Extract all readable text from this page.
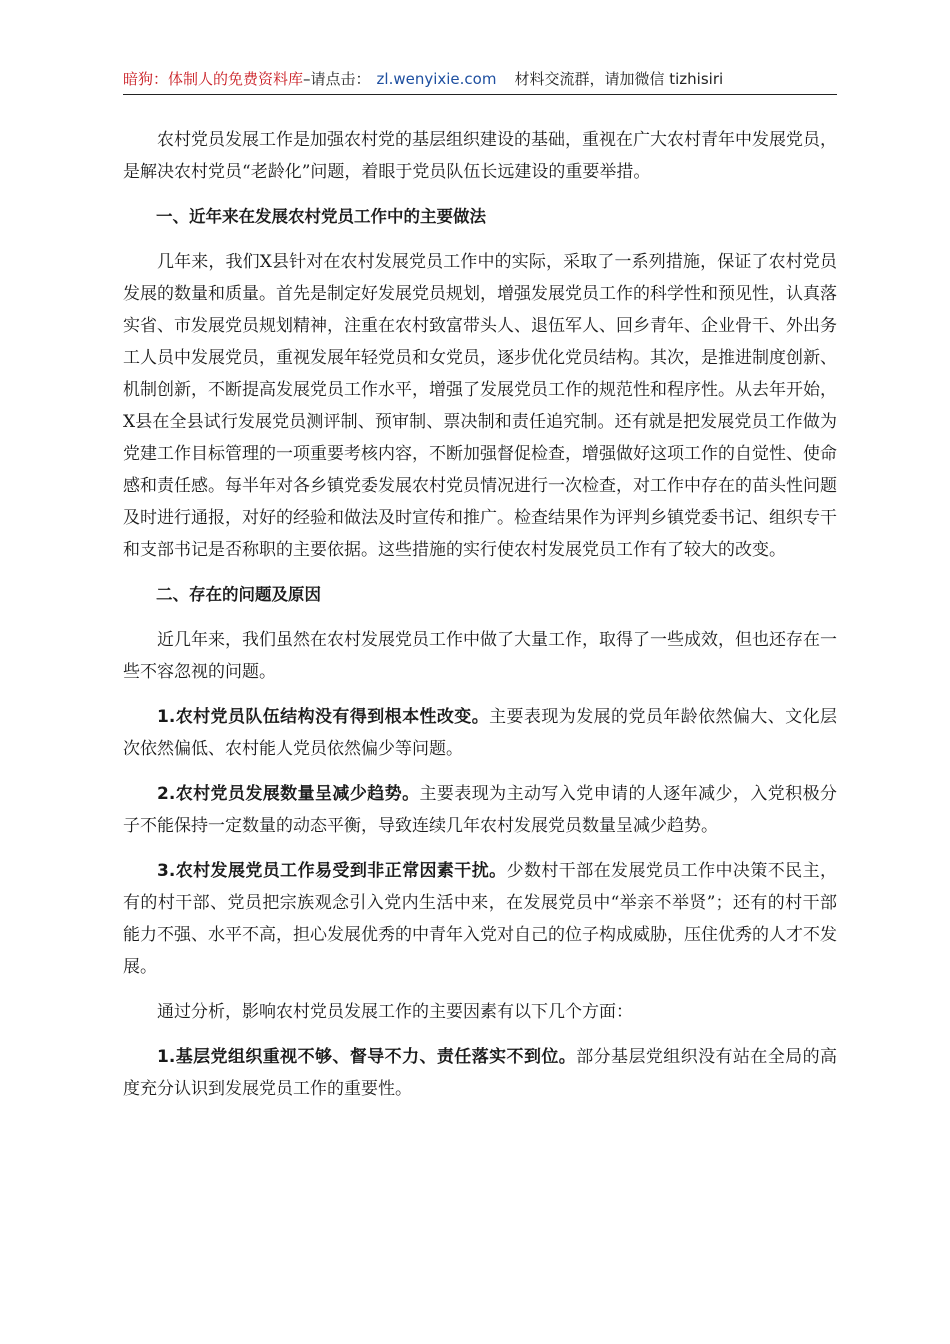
暗狗：体制人的免费资料库–请点击： zl.wenyixie.com 材料交流群，请加微信 tizhisiri

农村党员发展工作是加强农村党的基层组织建设的基础，重视在广大农村青年中发展党员，是解决农村党员“老龄化”问题，着眼于党员队伍长远建设的重要举措。

一、近年来在发展农村党员工作中的主要做法

几年来，我们X县针对在农村发展党员工作中的实际，采取了一系列措施，保证了农村党员发展的数量和质量。首先是制定好发展党员规划，增强发展党员工作的科学性和预见性，认真落实省、市发展党员规划精神，注重在农村致富带头人、退伍军人、回乡青年、企业骨干、外出务工人员中发展党员，重视发展年轻党员和女党员，逐步优化党员结构。其次，是推进制度创新、机制创新，不断提高发展党员工作水平，增强了发展党员工作的规范性和程序性。从去年开始，X县在全县试行发展党员测评制、预审制、票决制和责任追究制。还有就是把发展党员工作做为党建工作目标管理的一项重要考核内容，不断加强督促检查，增强做好这项工作的自觉性、使命感和责任感。每半年对各乡镇党委发展农村党员情况进行一次检查，对工作中存在的苗头性问题及时进行通报，对好的经验和做法及时宣传和推广。检查结果作为评判乡镇党委书记、组织专干和支部书记是否称职的主要依据。这些措施的实行使农村发展党员工作有了较大的改变。

二、存在的问题及原因

近几年来，我们虽然在农村发展党员工作中做了大量工作，取得了一些成效，但也还存在一些不容忽视的问题。

1.农村党员队伍结构没有得到根本性改变。主要表现为发展的党员年龄依然偏大、文化层次依然偏低、农村能人党员依然偏少等问题。

2.农村党员发展数量呈减少趋势。主要表现为主动写入党申请的人逐年减少，入党积极分子不能保持一定数量的动态平衡，导致连续几年农村发展党员数量呈减少趋势。

3.农村发展党员工作易受到非正常因素干扰。少数村干部在发展党员工作中决策不民主，有的村干部、党员把宗族观念引入党内生活中来，在发展党员中“举亲不举贤”；还有的村干部能力不强、水平不高，担心发展优秀的中青年入党对自己的位子构成威胁，压住优秀的人才不发展。

通过分析，影响农村党员发展工作的主要因素有以下几个方面：

1.基层党组织重视不够、督导不力、责任落实不到位。部分基层党组织没有站在全局的高度充分认识到发展党员工作的重要性。
